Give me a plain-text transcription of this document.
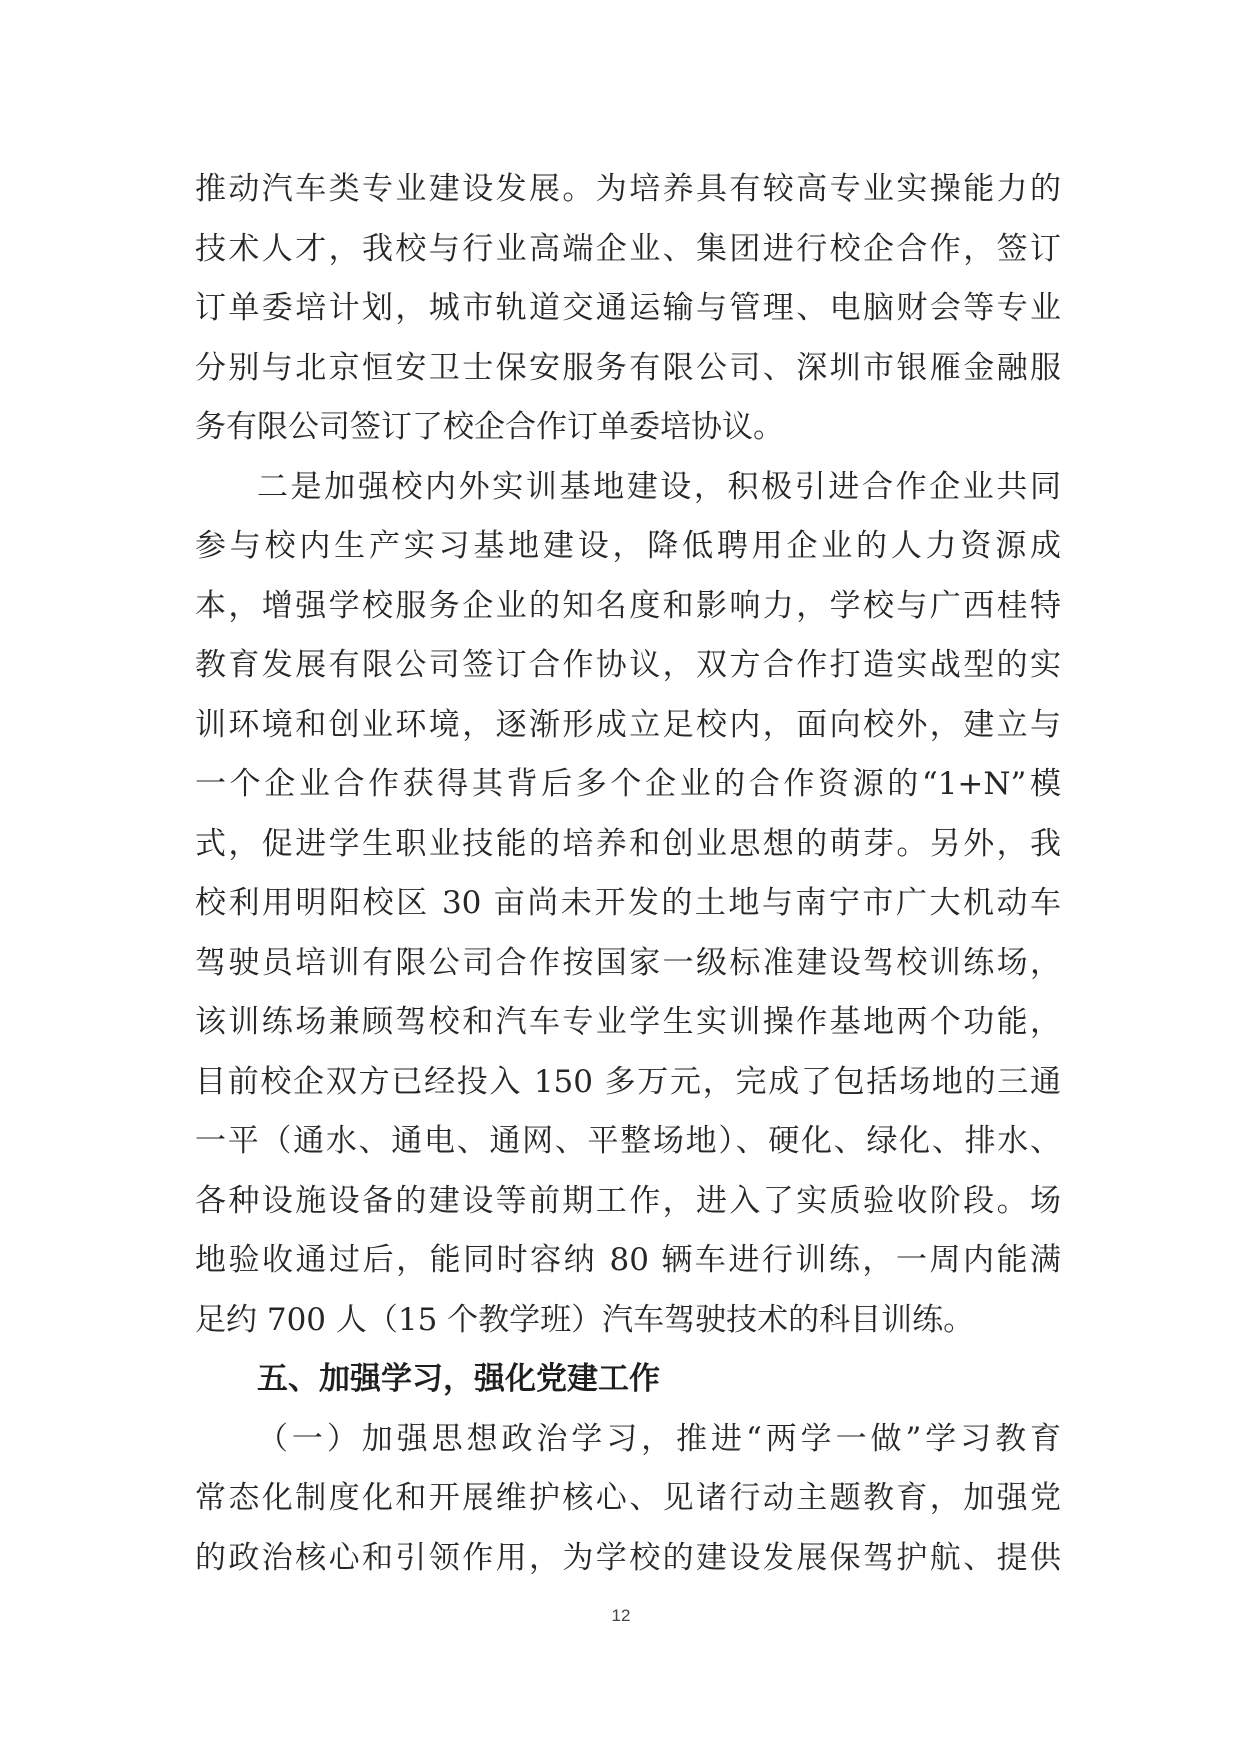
推动汽车类专业建设发展。为培养具有较高专业实操能力的
技术人才，我校与行业高端企业、集团进行校企合作，签订
订单委培计划，城市轨道交通运输与管理、电脑财会等专业
分别与北京恒安卫士保安服务有限公司、深圳市银雁金融服
务有限公司签订了校企合作订单委培协议。
二是加强校内外实训基地建设，积极引进合作企业共同
参与校内生产实习基地建设，降低聘用企业的人力资源成
本，增强学校服务企业的知名度和影响力，学校与广西桂特
教育发展有限公司签订合作协议，双方合作打造实战型的实
训环境和创业环境，逐渐形成立足校内，面向校外，建立与
一个企业合作获得其背后多个企业的合作资源的“1+N”模
式，促进学生职业技能的培养和创业思想的萌芽。另外，我
校利用明阳校区 30 亩尚未开发的土地与南宁市广大机动车
驾驶员培训有限公司合作按国家一级标准建设驾校训练场，
该训练场兼顾驾校和汽车专业学生实训操作基地两个功能，
目前校企双方已经投入 150 多万元，完成了包括场地的三通
一平（通水、通电、通网、平整场地）、硬化、绿化、排水、
各种设施设备的建设等前期工作，进入了实质验收阶段。场
地验收通过后，能同时容纳 80 辆车进行训练，一周内能满
足约 700 人（15 个教学班）汽车驾驶技术的科目训练。
五、加强学习，强化党建工作
（一）加强思想政治学习，推进“两学一做”学习教育
常态化制度化和开展维护核心、见诸行动主题教育，加强党
的政治核心和引领作用，为学校的建设发展保驾护航、提供
12
